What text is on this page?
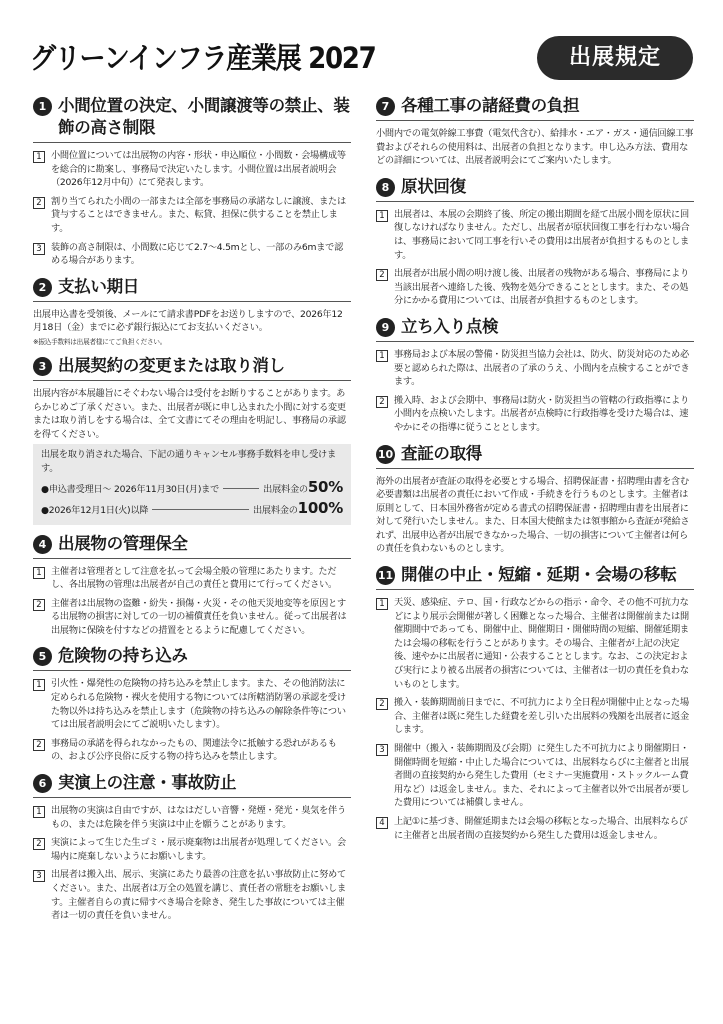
グリーンインフラ産業展 2027	出展規定
1 小間位置の決定、小間譲渡等の禁止、装飾の高さ制限
1	小間位置については出展物の内容・形状・申込順位・小間数・会場構成等を総合的に勘案し、事務局で決定いたします。小間位置は出展者説明会（2026年12月中旬）にて発表します。
2	割り当てられた小間の一部または全部を事務局の承諾なしに譲渡、または貸与することはできません。また、転貸、担保に供することを禁止します。
3	装飾の高さ制限は、小間数に応じて2.7〜4.5mとし、一部のみ6mまで認める場合があります。
2 支払い期日

出展申込書を受領後、メールにて請求書PDFをお送りしますので、2026年12月18日（金）までに必ず銀行振込にてお支払いください。

※振込手数料は出展者様にてご負担ください。

3 出展契約の変更または取り消し

出展内容が本展趣旨にそぐわない場合は受付をお断りすることがあります。あらかじめご了承ください。また、出展者が既に申し込まれた小間に対する変更または取り消しをする場合は、全て文書にてその理由を明記し、事務局の承認を得てください。

出展を取り消された場合、下記の通りキャンセル事務手数料を申し受けます。

●申込書受理日〜 2026年11月30日(月)まで	出展料金の 50%
●2026年12月1日(火)以降	出展料金の 100%
4 出展物の管理保全
1	主催者は管理者として注意を払って会場全般の管理にあたります。ただし、各出展物の管理は出展者が自己の責任と費用にて行ってください。
2	主催者は出展物の盗難・紛失・損傷・火災・その他天災地変等を原因とする出展物の損害に対しての一切の補償責任を負いません。従って出展者は出展物に保険を付すなどの措置をとるように配慮してください。
5 危険物の持ち込み
1	引火性・爆発性の危険物の持ち込みを禁止します。また、その他消防法に定められる危険物・裸火を使用する物については所轄消防署の承認を受けた物以外は持ち込みを禁止します（危険物の持ち込みの解除条件等については出展者説明会にてご説明いたします）。
2	事務局の承諾を得られなかったもの、関連法令に抵触する恐れがあるもの、および公序良俗に反する物の持ち込みを禁止します。
6 実演上の注意・事故防止
1	出展物の実演は自由ですが、はなはだしい音響・発煙・発光・臭気を伴うもの、または危険を伴う実演は中止を願うことがあります。
2	実演によって生じた生ゴミ・展示廃棄物は出展者が処理してください。会場内に廃棄しないようにお願いします。
3	出展者は搬入出、展示、実演にあたり最善の注意を払い事故防止に努めてください。また、出展者は万全の処置を講じ、責任者の常駐をお願いします。主催者自らの責に帰すべき場合を除き、発生した事故については主催者は一切の責任を負いません。
7 各種工事の諸経費の負担

小間内での電気幹線工事費（電気代含む）、給排水・エア・ガス・通信回線工事費およびそれらの使用料は、出展者の負担となります。申し込み方法、費用などの詳細については、出展者説明会にてご案内いたします。

8 原状回復
1	出展者は、本展の会期終了後、所定の搬出期間を経て出展小間を原状に回復しなければなりません。ただし、出展者が原状回復工事を行わない場合は、事務局において同工事を行いその費用は出展者が負担するものとします。
2	出展者が出展小間の明け渡し後、出展者の残物がある場合、事務局により当該出展者へ連絡した後、残物を処分できることとします。また、その処分にかかる費用については、出展者が負担するものとします。
9 立ち入り点検
1	事務局および本展の警備・防災担当協力会社は、防火、防災対応のため必要と認められた際は、出展者の了承のうえ、小間内を点検することができます。
2	搬入時、および会期中、事務局は防火・防災担当の管轄の行政指導により小間内を点検いたします。出展者が点検時に行政指導を受けた場合は、速やかにその指導に従うこととします。
10 査証の取得

海外の出展者が査証の取得を必要とする場合、招聘保証書・招聘理由書を含む必要書類は出展者の責任において作成・手続きを行うものとします。主催者は原則として、日本国外務省が定める書式の招聘保証書・招聘理由書を出展者に対して発行いたしません。また、日本国大使館または領事館から査証が発給されず、出展申込者が出展できなかった場合、一切の損害について主催者は何らの責任を負わないものとします。

11 開催の中止・短縮・延期・会場の移転
1	天災、感染症、テロ、国・行政などからの指示・命令、その他不可抗力などにより展示会開催が著しく困難となった場合、主催者は開催前または開催期間中であっても、開催中止、開催期日・開催時間の短縮、開催延期または会場の移転を行うことがあります。その場合、主催者が上記の決定後、速やかに出展者に通知・公表することとします。なお、この決定および実行により被る出展者の損害については、主催者は一切の責任を負わないものとします。
2	搬入・装飾期間前日までに、不可抗力により全日程が開催中止となった場合、主催者は既に発生した経費を差し引いた出展料の残額を出展者に返金します。
3	開催中（搬入・装飾期間及び会期）に発生した不可抗力により開催期日・開催時間を短縮・中止した場合については、出展料ならびに主催者と出展者間の直接契約から発生した費用（セミナー実施費用・ストックルーム費用など）は返金しません。また、それによって主催者以外で出展者が要した費用については補償しません。
4	上記①に基づき、開催延期または会場の移転となった場合、出展料ならびに主催者と出展者間の直接契約から発生した費用は返金しません。
